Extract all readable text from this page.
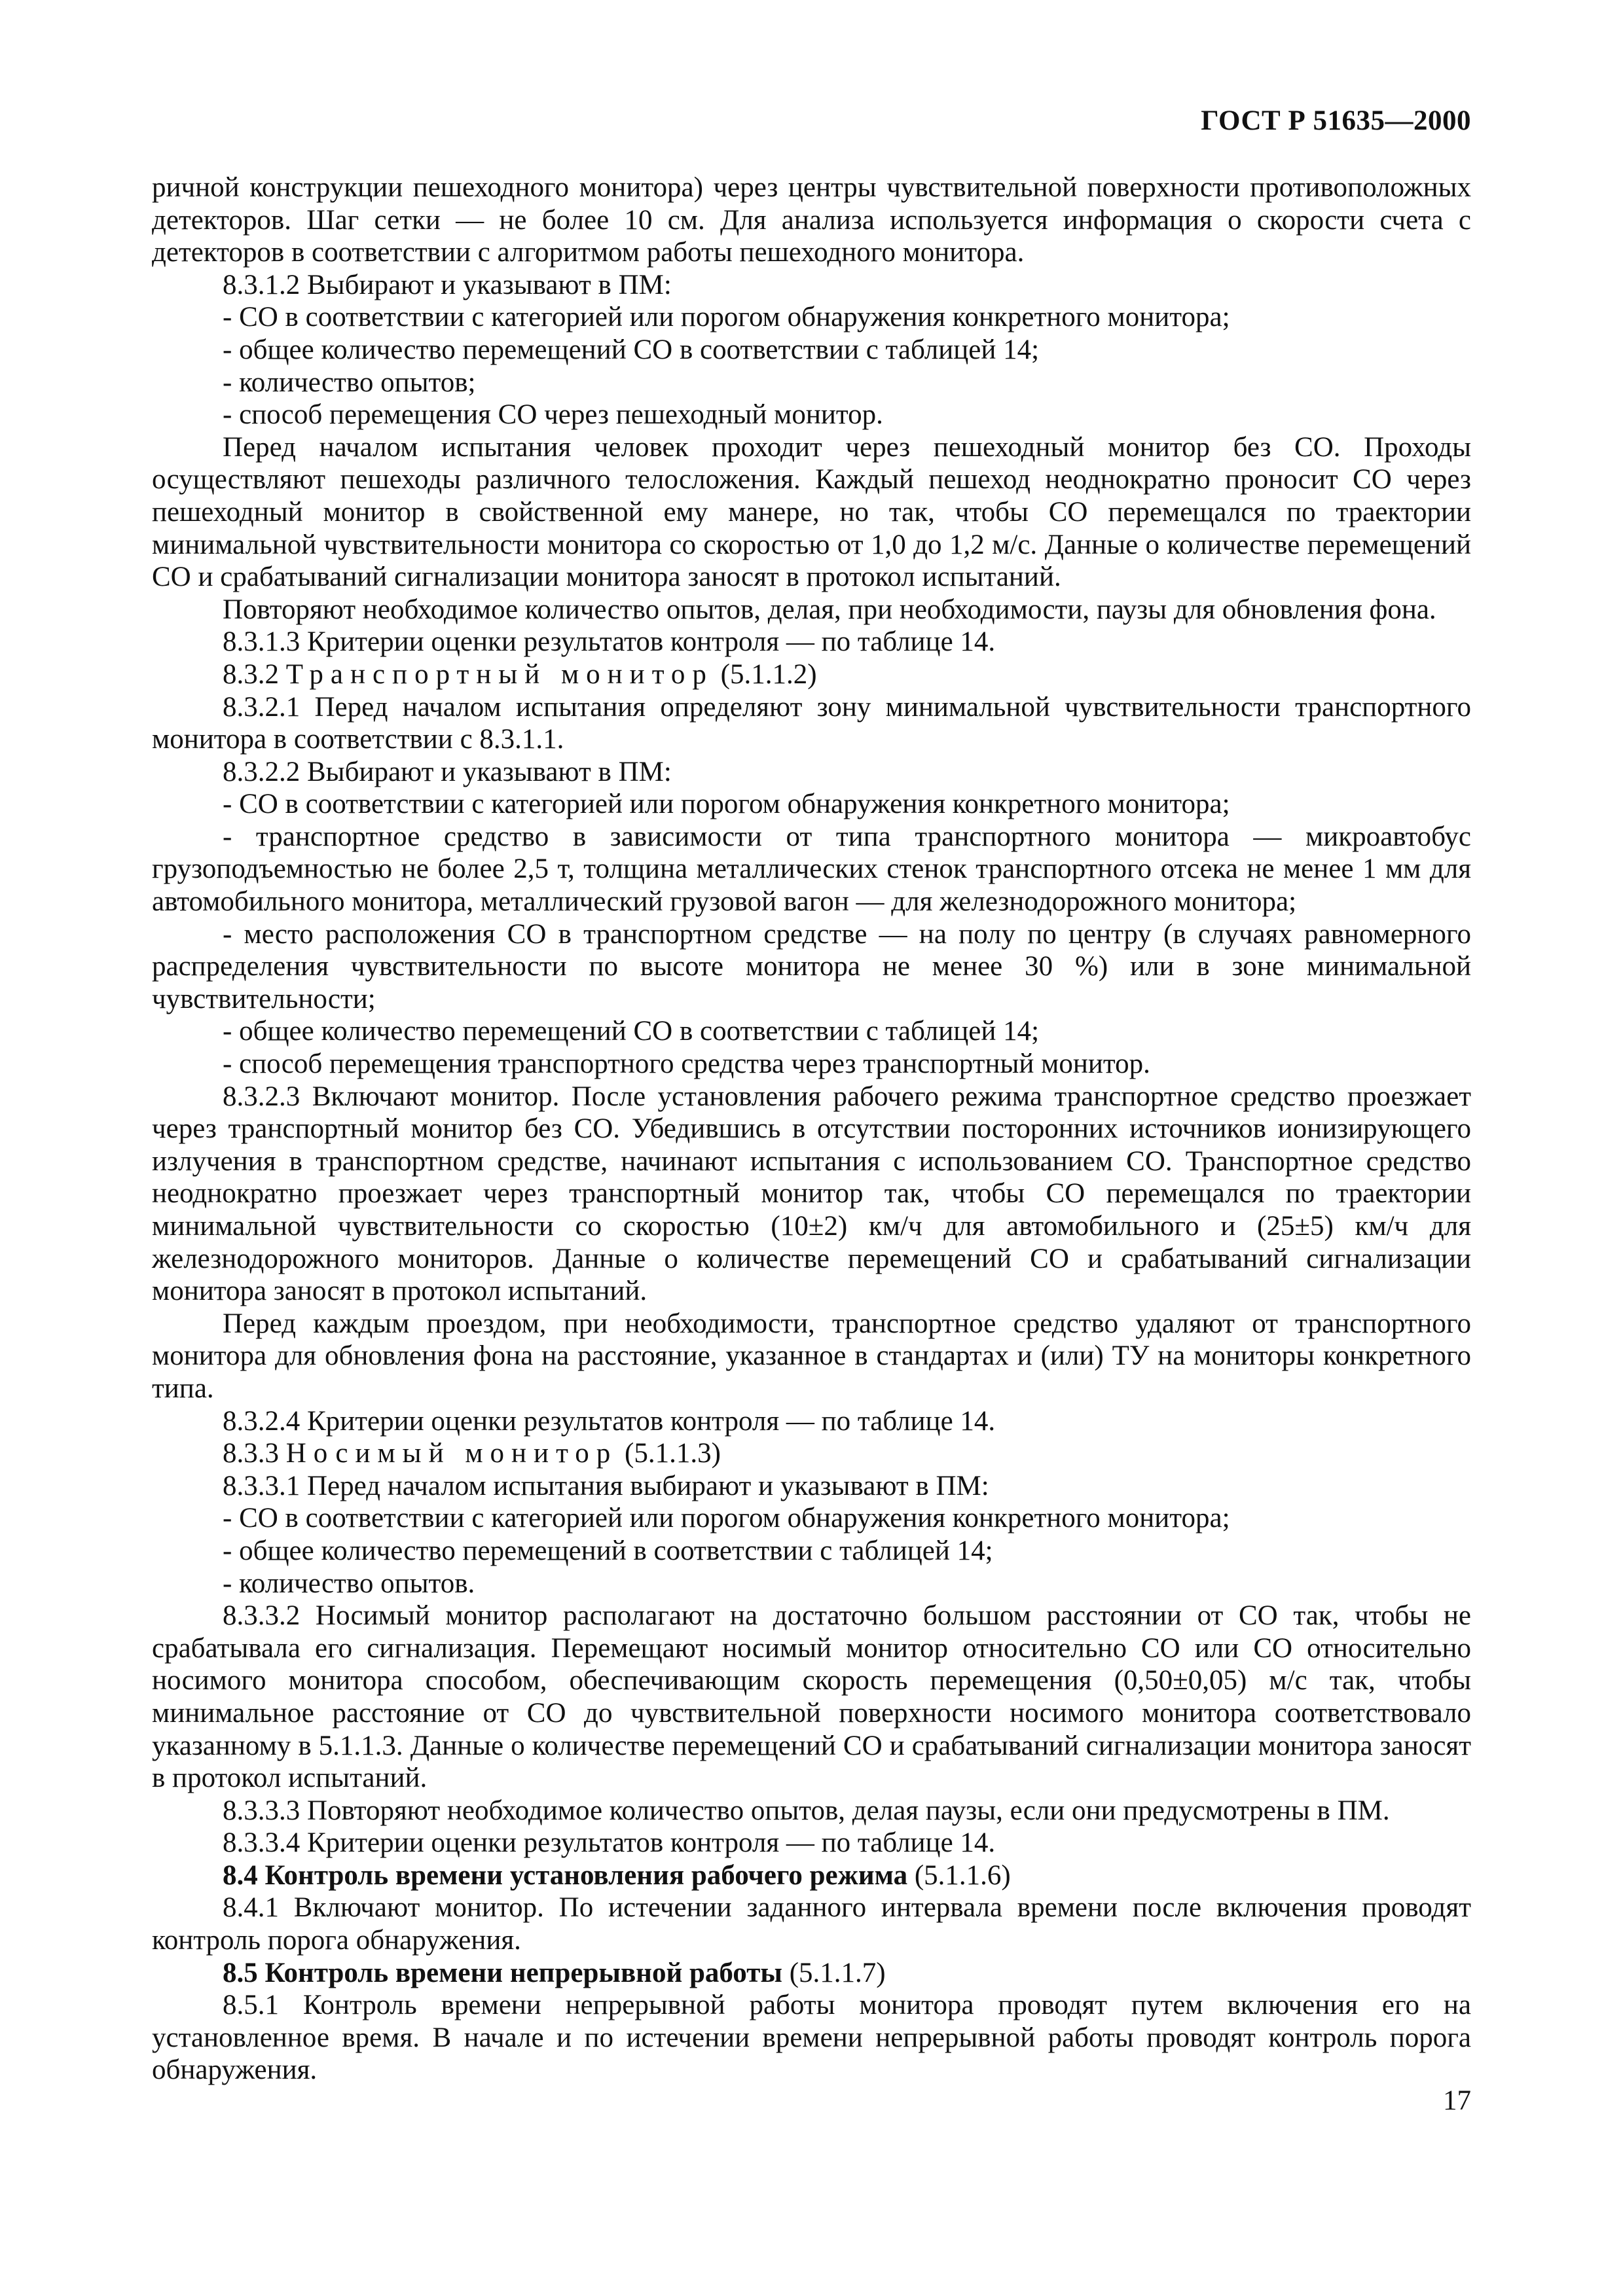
ГОСТ Р 51635—2000

ричной конструкции пешеходного монитора) через центры чувствительной поверхности противоположных детекторов. Шаг сетки — не более 10 см. Для анализа используется информация о скорости счета с детекторов в соответствии с алгоритмом работы пешеходного монитора.

8.3.1.2 Выбирают и указывают в ПМ:

- СО в соответствии с категорией или порогом обнаружения конкретного монитора;

- общее количество перемещений СО в соответствии с таблицей 14;

- количество опытов;

- способ перемещения СО через пешеходный монитор.

Перед началом испытания человек проходит через пешеходный монитор без СО. Проходы осуществляют пешеходы различного телосложения. Каждый пешеход неоднократно проносит СО через пешеходный монитор в свойственной ему манере, но так, чтобы СО перемещался по траектории минимальной чувствительности монитора со скоростью от 1,0 до 1,2 м/с. Данные о количестве перемещений СО и срабатываний сигнализации монитора заносят в протокол испытаний.

Повторяют необходимое количество опытов, делая, при необходимости, паузы для обновления фона.

8.3.1.3 Критерии оценки результатов контроля — по таблице 14.

8.3.2 Транспортный монитор (5.1.1.2)

8.3.2.1 Перед началом испытания определяют зону минимальной чувствительности транспортного монитора в соответствии с 8.3.1.1.

8.3.2.2 Выбирают и указывают в ПМ:

- СО в соответствии с категорией или порогом обнаружения конкретного монитора;

- транспортное средство в зависимости от типа транспортного монитора — микроавтобус грузоподъемностью не более 2,5 т, толщина металлических стенок транспортного отсека не менее 1 мм для автомобильного монитора, металлический грузовой вагон — для железнодорожного монитора;

- место расположения СО в транспортном средстве — на полу по центру (в случаях равномерного распределения чувствительности по высоте монитора не менее 30 %) или в зоне минимальной чувствительности;

- общее количество перемещений СО в соответствии с таблицей 14;

- способ перемещения транспортного средства через транспортный монитор.

8.3.2.3 Включают монитор. После установления рабочего режима транспортное средство проезжает через транспортный монитор без СО. Убедившись в отсутствии посторонних источников ионизирующего излучения в транспортном средстве, начинают испытания с использованием СО. Транспортное средство неоднократно проезжает через транспортный монитор так, чтобы СО перемещался по траектории минимальной чувствительности со скоростью (10±2) км/ч для автомобильного и (25±5) км/ч для железнодорожного мониторов. Данные о количестве перемещений СО и срабатываний сигнализации монитора заносят в протокол испытаний.

Перед каждым проездом, при необходимости, транспортное средство удаляют от транспортного монитора для обновления фона на расстояние, указанное в стандартах и (или) ТУ на мониторы конкретного типа.

8.3.2.4 Критерии оценки результатов контроля — по таблице 14.

8.3.3 Носимый монитор (5.1.1.3)

8.3.3.1 Перед началом испытания выбирают и указывают в ПМ:

- СО в соответствии с категорией или порогом обнаружения конкретного монитора;

- общее количество перемещений в соответствии с таблицей 14;

- количество опытов.

8.3.3.2 Носимый монитор располагают на достаточно большом расстоянии от СО так, чтобы не срабатывала его сигнализация. Перемещают носимый монитор относительно СО или СО относительно носимого монитора способом, обеспечивающим скорость перемещения (0,50±0,05) м/с так, чтобы минимальное расстояние от СО до чувствительной поверхности носимого монитора соответствовало указанному в 5.1.1.3. Данные о количестве перемещений СО и срабатываний сигнализации монитора заносят в протокол испытаний.

8.3.3.3 Повторяют необходимое количество опытов, делая паузы, если они предусмотрены в ПМ.

8.3.3.4 Критерии оценки результатов контроля — по таблице 14.

8.4 Контроль времени установления рабочего режима (5.1.1.6)

8.4.1 Включают монитор. По истечении заданного интервала времени после включения проводят контроль порога обнаружения.

8.5 Контроль времени непрерывной работы (5.1.1.7)

8.5.1 Контроль времени непрерывной работы монитора проводят путем включения его на установленное время. В начале и по истечении времени непрерывной работы проводят контроль порога обнаружения.

17
